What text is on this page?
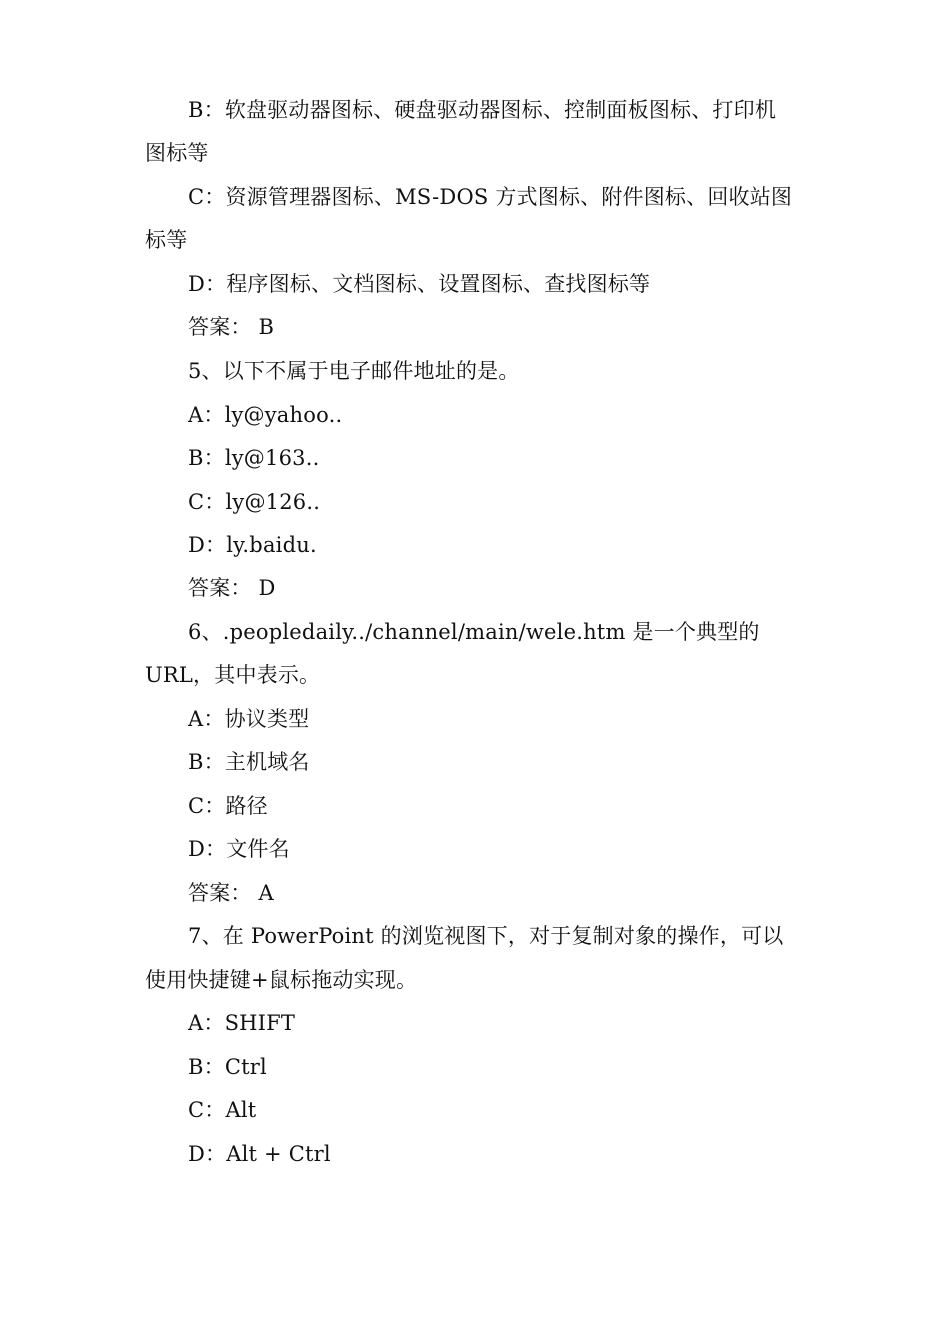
B：软盘驱动器图标、硬盘驱动器图标、控制面板图标、打印机
图标等
C：资源管理器图标、MS-DOS 方式图标、附件图标、回收站图
标等
D：程序图标、文档图标、设置图标、查找图标等
答案： B
5、以下不属于电子邮件地址的是。
A：ly@yahoo..
B：ly@163..
C：ly@126..
D：ly.baidu.
答案： D
6、.peopledaily../channel/main/wele.htm 是一个典型的
URL，其中表示。
A：协议类型
B：主机域名
C：路径
D：文件名
答案： A
7、在 PowerPoint 的浏览视图下，对于复制对象的操作，可以
使用快捷键+鼠标拖动实现。
A：SHIFT
B：Ctrl
C：Alt
D：Alt + Ctrl
